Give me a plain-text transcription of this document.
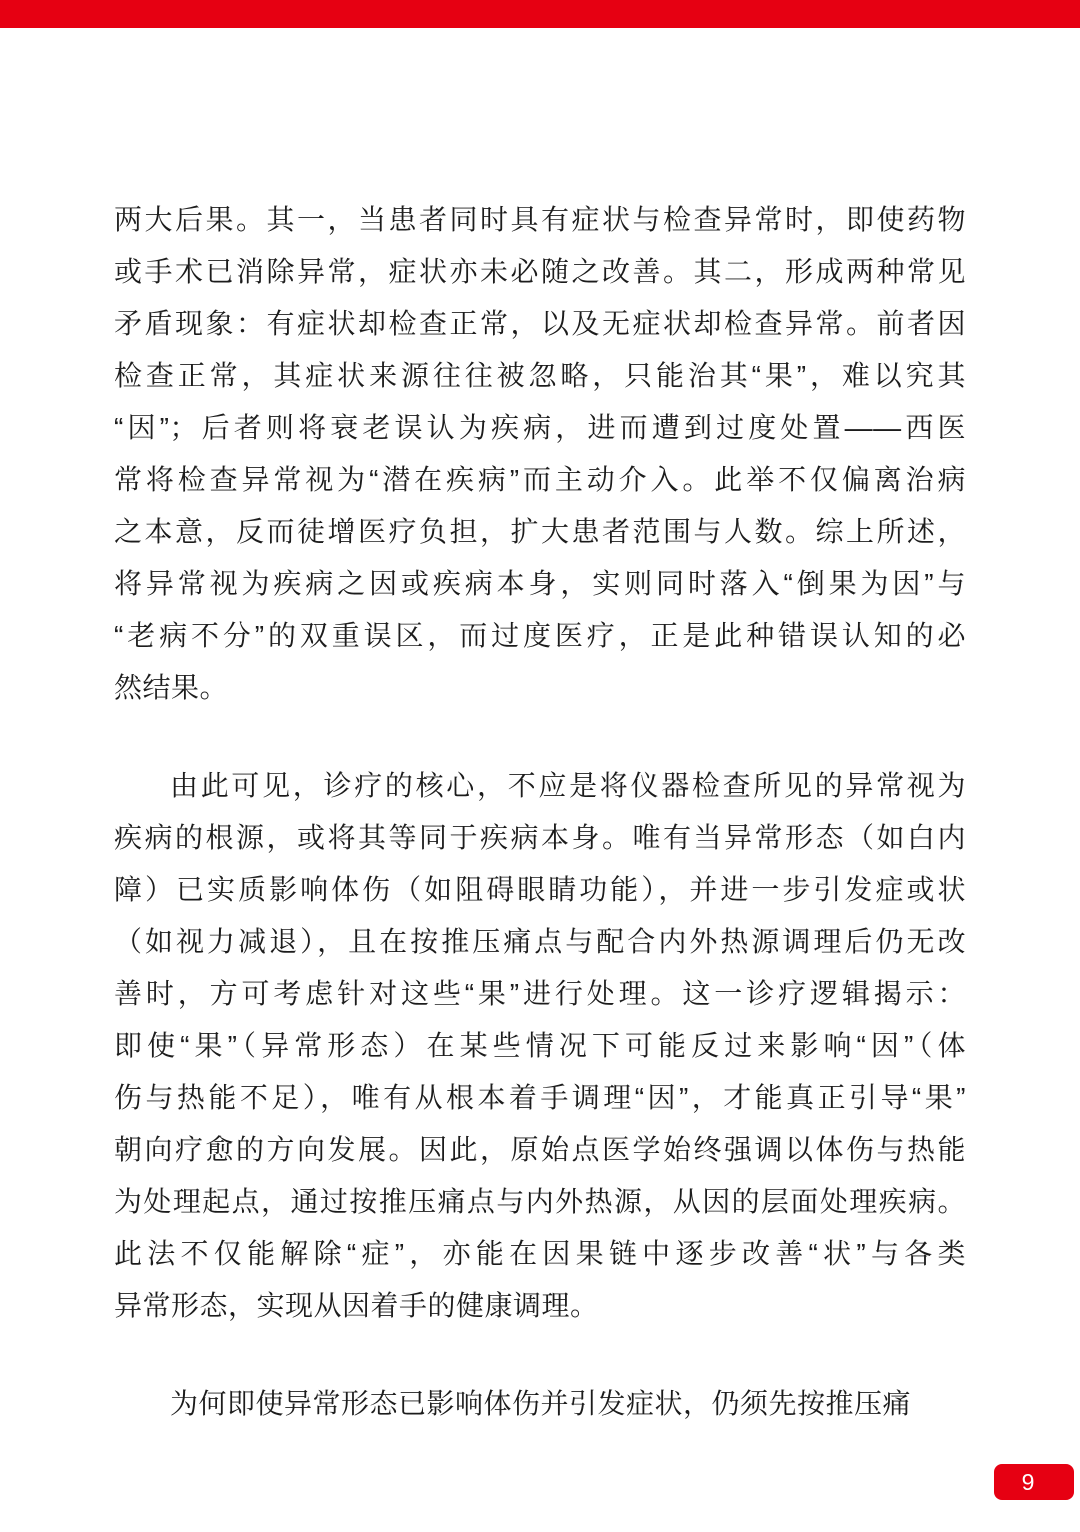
两大后果。其一，当患者同时具有症状与检查异常时，即使药物
或手术已消除异常，症状亦未必随之改善。其二，形成两种常见
矛盾现象：有症状却检查正常，以及无症状却检查异常。前者因
检查正常，其症状来源往往被忽略，只能治其“果”，难以究其
“因”；后者则将衰老误认为疾病，进而遭到过度处置——西医
常将检查异常视为“潜在疾病”而主动介入。此举不仅偏离治病
之本意，反而徒增医疗负担，扩大患者范围与人数。综上所述，
将异常视为疾病之因或疾病本身，实则同时落入“倒果为因”与
“老病不分”的双重误区，而过度医疗，正是此种错误认知的必
然结果。

由此可见，诊疗的核心，不应是将仪器检查所见的异常视为
疾病的根源，或将其等同于疾病本身。唯有当异常形态（如白内
障）已实质影响体伤（如阻碍眼睛功能），并进一步引发症或状
（如视力减退），且在按推压痛点与配合内外热源调理后仍无改
善时，方可考虑针对这些“果”进行处理。这一诊疗逻辑揭示：
即使“果”（异常形态）在某些情况下可能反过来影响“因”（体
伤与热能不足），唯有从根本着手调理“因”，才能真正引导“果”
朝向疗愈的方向发展。因此，原始点医学始终强调以体伤与热能
为处理起点，通过按推压痛点与内外热源，从因的层面处理疾病。
此法不仅能解除“症”，亦能在因果链中逐步改善“状”与各类
异常形态，实现从因着手的健康调理。

为何即使异常形态已影响体伤并引发症状，仍须先按推压痛

9
